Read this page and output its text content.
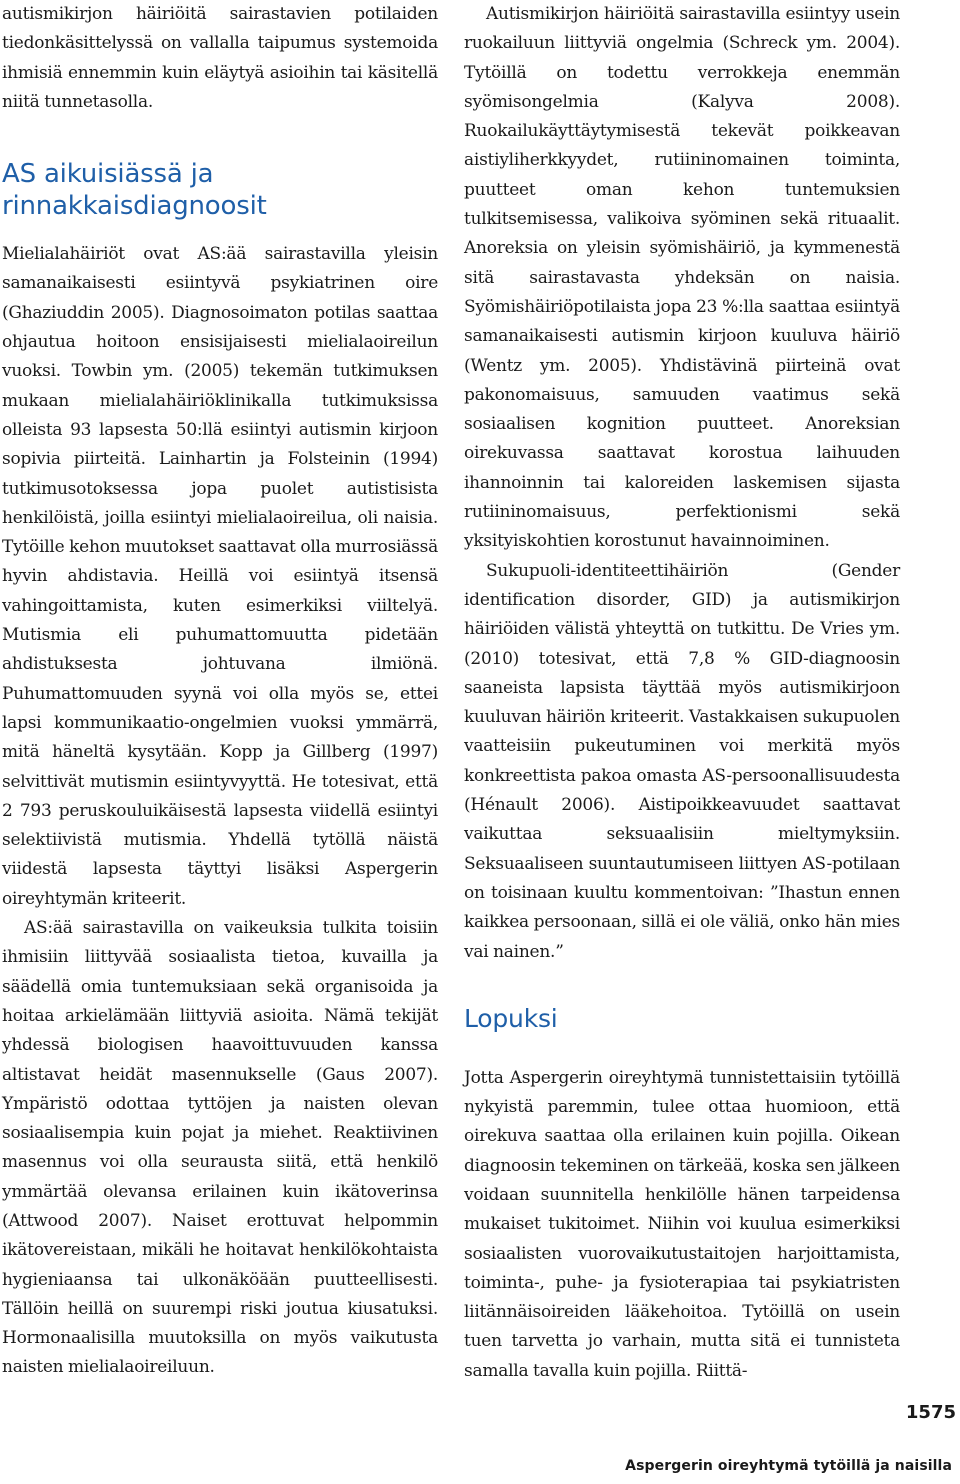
autismikirjon häiriöitä sairastavien potilaiden tiedonkäsittelyssä on vallalla taipumus systemoida ihmisiä ennemmin kuin eläytyä asioihin tai käsitellä niitä tunnetasolla.

AS aikuisiässä ja rinnakkaisdiagnoosit

Mielialahäiriöt ovat AS:ää sairastavilla yleisin samanaikaisesti esiintyvä psykiatrinen oire (Ghaziuddin 2005). Diagnosoimaton potilas saattaa ohjautua hoitoon ensisijaisesti mielialaoireilun vuoksi. Towbin ym. (2005) tekemän tutkimuksen mukaan mielialahäiriöklinikalla tutkimuksissa olleista 93 lapsesta 50:llä esiintyi autismin kirjoon sopivia piirteitä. Lainhartin ja Folsteinin (1994) tutkimusotoksessa jopa puolet autistisista henkilöistä, joilla esiintyi mielialaoireilua, oli naisia. Tytöille kehon muutokset saattavat olla murrosiässä hyvin ahdistavia. Heillä voi esiintyä itsensä vahingoittamista, kuten esimerkiksi viiltelyä. Mutismia eli puhumattomuutta pidetään ahdistuksesta johtuvana ilmiönä. Puhumattomuuden syynä voi olla myös se, ettei lapsi kommunikaatio-ongelmien vuoksi ymmärrä, mitä häneltä kysytään. Kopp ja Gillberg (1997) selvittivät mutismin esiintyvyyttä. He totesivat, että 2 793 peruskouluikäisestä lapsesta viidellä esiintyi selektiivistä mutismia. Yhdellä tytöllä näistä viidestä lapsesta täyttyi lisäksi Aspergerin oireyhtymän kriteerit.

AS:ää sairastavilla on vaikeuksia tulkita toisiin ihmisiin liittyvää sosiaalista tietoa, kuvailla ja säädellä omia tuntemuksiaan sekä organisoida ja hoitaa arkielämään liittyviä asioita. Nämä tekijät yhdessä biologisen haavoittuvuuden kanssa altistavat heidät masennukselle (Gaus 2007). Ympäristö odottaa tyttöjen ja naisten olevan sosiaalisempia kuin pojat ja miehet. Reaktiivinen masennus voi olla seurausta siitä, että henkilö ymmärtää olevansa erilainen kuin ikätoverinsa (Attwood 2007). Naiset erottuvat helpommin ikätovereistaan, mikäli he hoitavat henkilökohtaista hygieniaansa tai ulkonäköään puutteellisesti. Tällöin heillä on suurempi riski joutua kiusatuksi. Hormonaalisilla muutoksilla on myös vaikutusta naisten mielialaoireiluun.

Autismikirjon häiriöitä sairastavilla esiintyy usein ruokailuun liittyviä ongelmia (Schreck ym. 2004). Tytöillä on todettu verrokkeja enemmän syömisongelmia (Kalyva 2008). Ruokailukäyttäytymisestä tekevät poikkeavan aistiyliherkkyydet, rutiininomainen toiminta, puutteet oman kehon tuntemuksien tulkitsemisessa, valikoiva syöminen sekä rituaalit. Anoreksia on yleisin syömishäiriö, ja kymmenestä sitä sairastavasta yhdeksän on naisia. Syömishäiriöpotilaista jopa 23 %:lla saattaa esiintyä samanaikaisesti autismin kirjoon kuuluva häiriö (Wentz ym. 2005). Yhdistävinä piirteinä ovat pakonomaisuus, samuuden vaatimus sekä sosiaalisen kognition puutteet. Anoreksian oirekuvassa saattavat korostua laihuuden ihannoinnin tai kaloreiden laskemisen sijasta rutiininomaisuus, perfektionismi sekä yksityiskohtien korostunut havainnoiminen.

Sukupuoli-identiteettihäiriön (Gender identification disorder, GID) ja autismikirjon häiriöiden välistä yhteyttä on tutkittu. De Vries ym. (2010) totesivat, että 7,8 % GID-diagnoosin saaneista lapsista täyttää myös autismikirjoon kuuluvan häiriön kriteerit. Vastakkaisen sukupuolen vaatteisiin pukeutuminen voi merkitä myös konkreettista pakoa omasta AS-persoonallisuudesta (Hénault 2006). Aistipoikkeavuudet saattavat vaikuttaa seksuaalisiin mieltymyksiin. Seksuaaliseen suuntautumiseen liittyen AS-potilaan on toisinaan kuultu kommentoivan: ”Ihastun ennen kaikkea persoonaan, sillä ei ole väliä, onko hän mies vai nainen.”

Lopuksi

Jotta Aspergerin oireyhtymä tunnistettaisiin tytöillä nykyistä paremmin, tulee ottaa huomioon, että oirekuva saattaa olla erilainen kuin pojilla. Oikean diagnoosin tekeminen on tärkeää, koska sen jälkeen voidaan suunnitella henkilölle hänen tarpeidensa mukaiset tukitoimet. Niihin voi kuulua esimerkiksi sosiaalisten vuorovaikutustaitojen harjoittamista, toiminta-, puhe- ja fysioterapiaa tai psykiatristen liitännäisoireiden lääkehoitoa. Tytöillä on usein tuen tarvetta jo varhain, mutta sitä ei tunnisteta samalla tavalla kuin pojilla. Riittä-

1575
Aspergerin oireyhtymä tytöillä ja naisilla
